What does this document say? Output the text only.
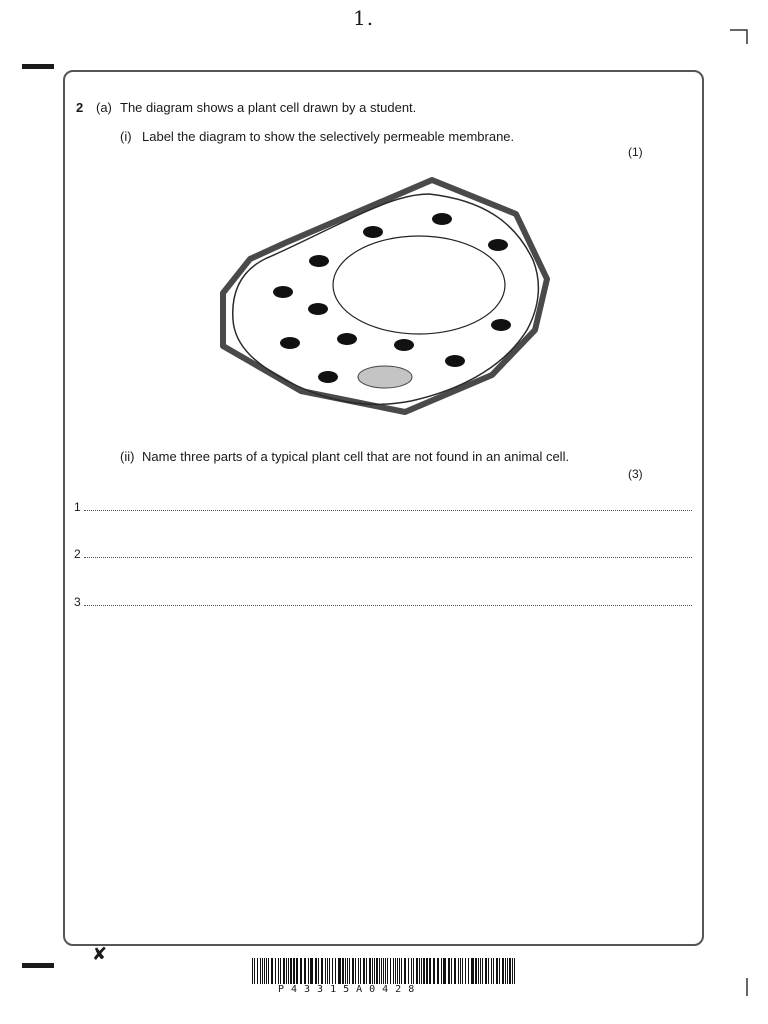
1.
2 (a) The diagram shows a plant cell drawn by a student.
(i) Label the diagram to show the selectively permeable membrane.
(1)
(ii) Name three parts of a typical plant cell that are not found in an animal cell.
(3)
1
2
3
✘
P43315A0428
